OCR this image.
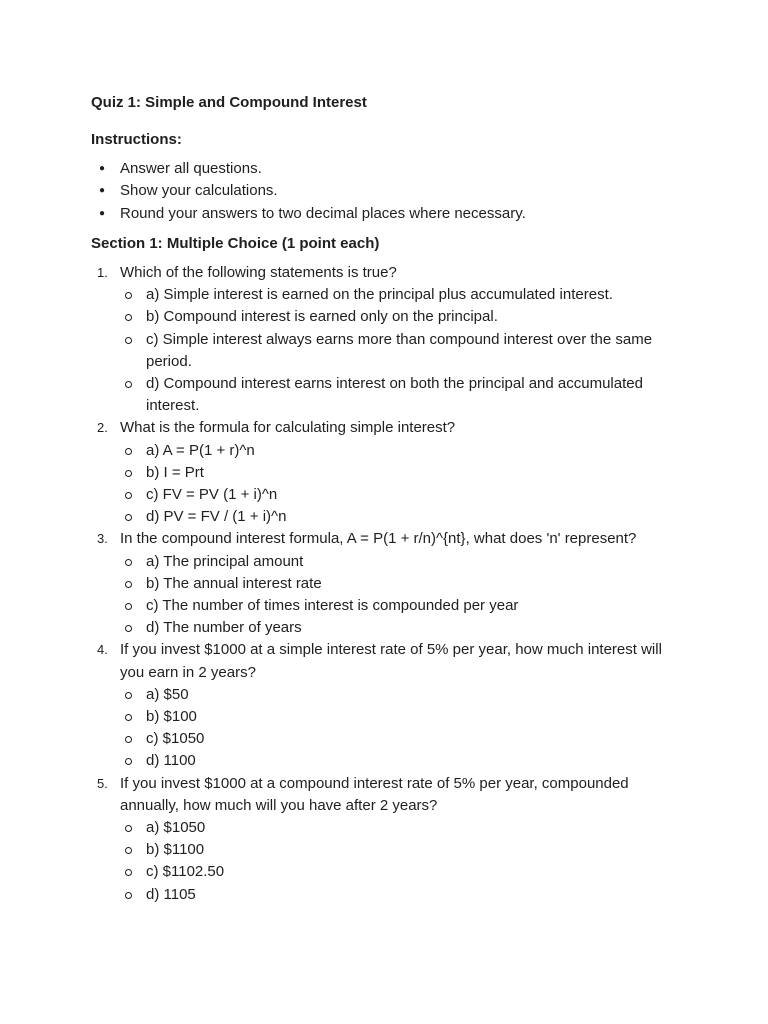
Quiz 1: Simple and Compound Interest

Instructions:

● Answer all questions.
● Show your calculations.
● Round your answers to two decimal places where necessary.

Section 1: Multiple Choice (1 point each)

1. Which of the following statements is true?
a) Simple interest is earned on the principal plus accumulated interest.
b) Compound interest is earned only on the principal.
c) Simple interest always earns more than compound interest over the same period.
d) Compound interest earns interest on both the principal and accumulated interest.
2. What is the formula for calculating simple interest?
a) A = P(1 + r)^n
b) I = Prt
c) FV = PV (1 + i)^n
d) PV = FV / (1 + i)^n
3. In the compound interest formula, A = P(1 + r/n)^{nt}, what does 'n' represent?
a) The principal amount
b) The annual interest rate
c) The number of times interest is compounded per year
d) The number of years
4. If you invest $1000 at a simple interest rate of 5% per year, how much interest will you earn in 2 years?
a) $50
b) $100
c) $1050
d) 1100
5. If you invest $1000 at a compound interest rate of 5% per year, compounded annually, how much will you have after 2 years?
a) $1050
b) $1100
c) $1102.50
d) 1105
